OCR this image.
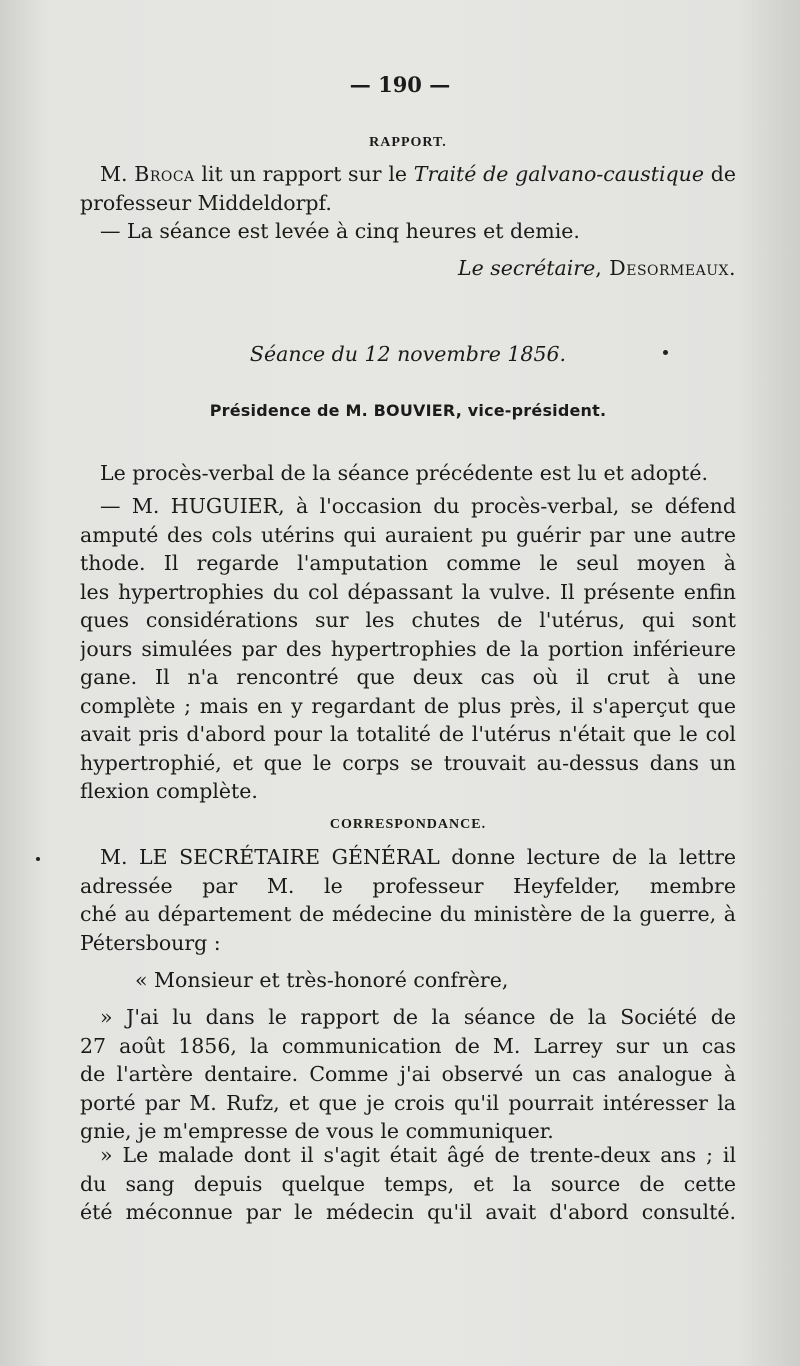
— 190 —
RAPPORT.
M. Broca lit un rapport sur le Traité de galvano-caustique de
professeur Middeldorpf.
— La séance est levée à cinq heures et demie.
Le secrétaire, Desormeaux.
Séance du 12 novembre 1856.
Présidence de M. BOUVIER, vice-président.
Le procès-verbal de la séance précédente est lu et adopté.
— M. HUGUIER, à l'occasion du procès-verbal, se défend
amputé des cols utérins qui auraient pu guérir par une autre
thode. Il regarde l'amputation comme le seul moyen à
les hypertrophies du col dépassant la vulve. Il présente enfin
ques considérations sur les chutes de l'utérus, qui sont
jours simulées par des hypertrophies de la portion inférieure
gane. Il n'a rencontré que deux cas où il crut à une
complète ; mais en y regardant de plus près, il s'aperçut que
avait pris d'abord pour la totalité de l'utérus n'était que le col
hypertrophié, et que le corps se trouvait au-dessus dans un
flexion complète.
CORRESPONDANCE.
M. LE SECRÉTAIRE GÉNÉRAL donne lecture de la lettre
adressée par M. le professeur Heyfelder, membre
ché au département de médecine du ministère de la guerre, à
Pétersbourg :
« Monsieur et très-honoré confrère,
» J'ai lu dans le rapport de la séance de la Société de
27 août 1856, la communication de M. Larrey sur un cas
de l'artère dentaire. Comme j'ai observé un cas analogue à
porté par M. Rufz, et que je crois qu'il pourrait intéresser la
gnie, je m'empresse de vous le communiquer.
» Le malade dont il s'agit était âgé de trente-deux ans ; il
du sang depuis quelque temps, et la source de cette
été méconnue par le médecin qu'il avait d'abord consulté.
